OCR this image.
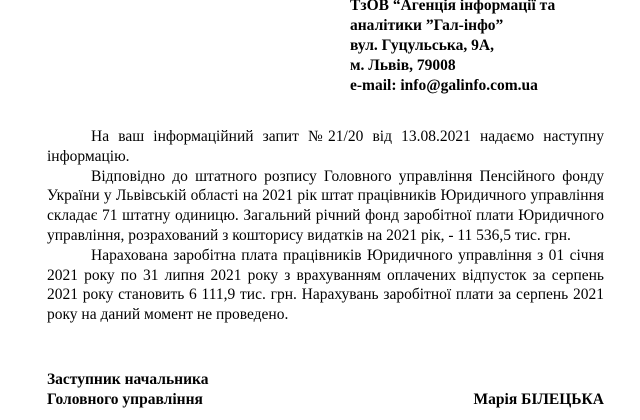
ТзОВ “Агенція інформації та
аналітики ”Гал-інфо”
вул. Гуцульська, 9А,
м. Львів, 79008
e-mail: info@galinfo.com.ua

На ваш інформаційний запит №21/20 від 13.08.2021 надаємо наступну інформацію.

Відповідно до штатного розпису Головного управління Пенсійного фонду України у Львівській області на 2021 рік штат працівників Юридичного управління складає 71 штатну одиницю. Загальний річний фонд заробітної плати Юридичного управління, розрахований з кошторису видатків на 2021 рік, - 11 536,5 тис. грн.

Нарахована заробітна плата працівників Юридичного управління з 01 січня 2021 року по 31 липня 2021 року з врахуванням оплачених відпусток за серпень 2021 року становить 6 111,9 тис. грн. Нарахувань заробітної плати за серпень 2021 року на даний момент не проведено.

Заступник начальника
Головного управління	Марія БІЛЕЦЬКА
